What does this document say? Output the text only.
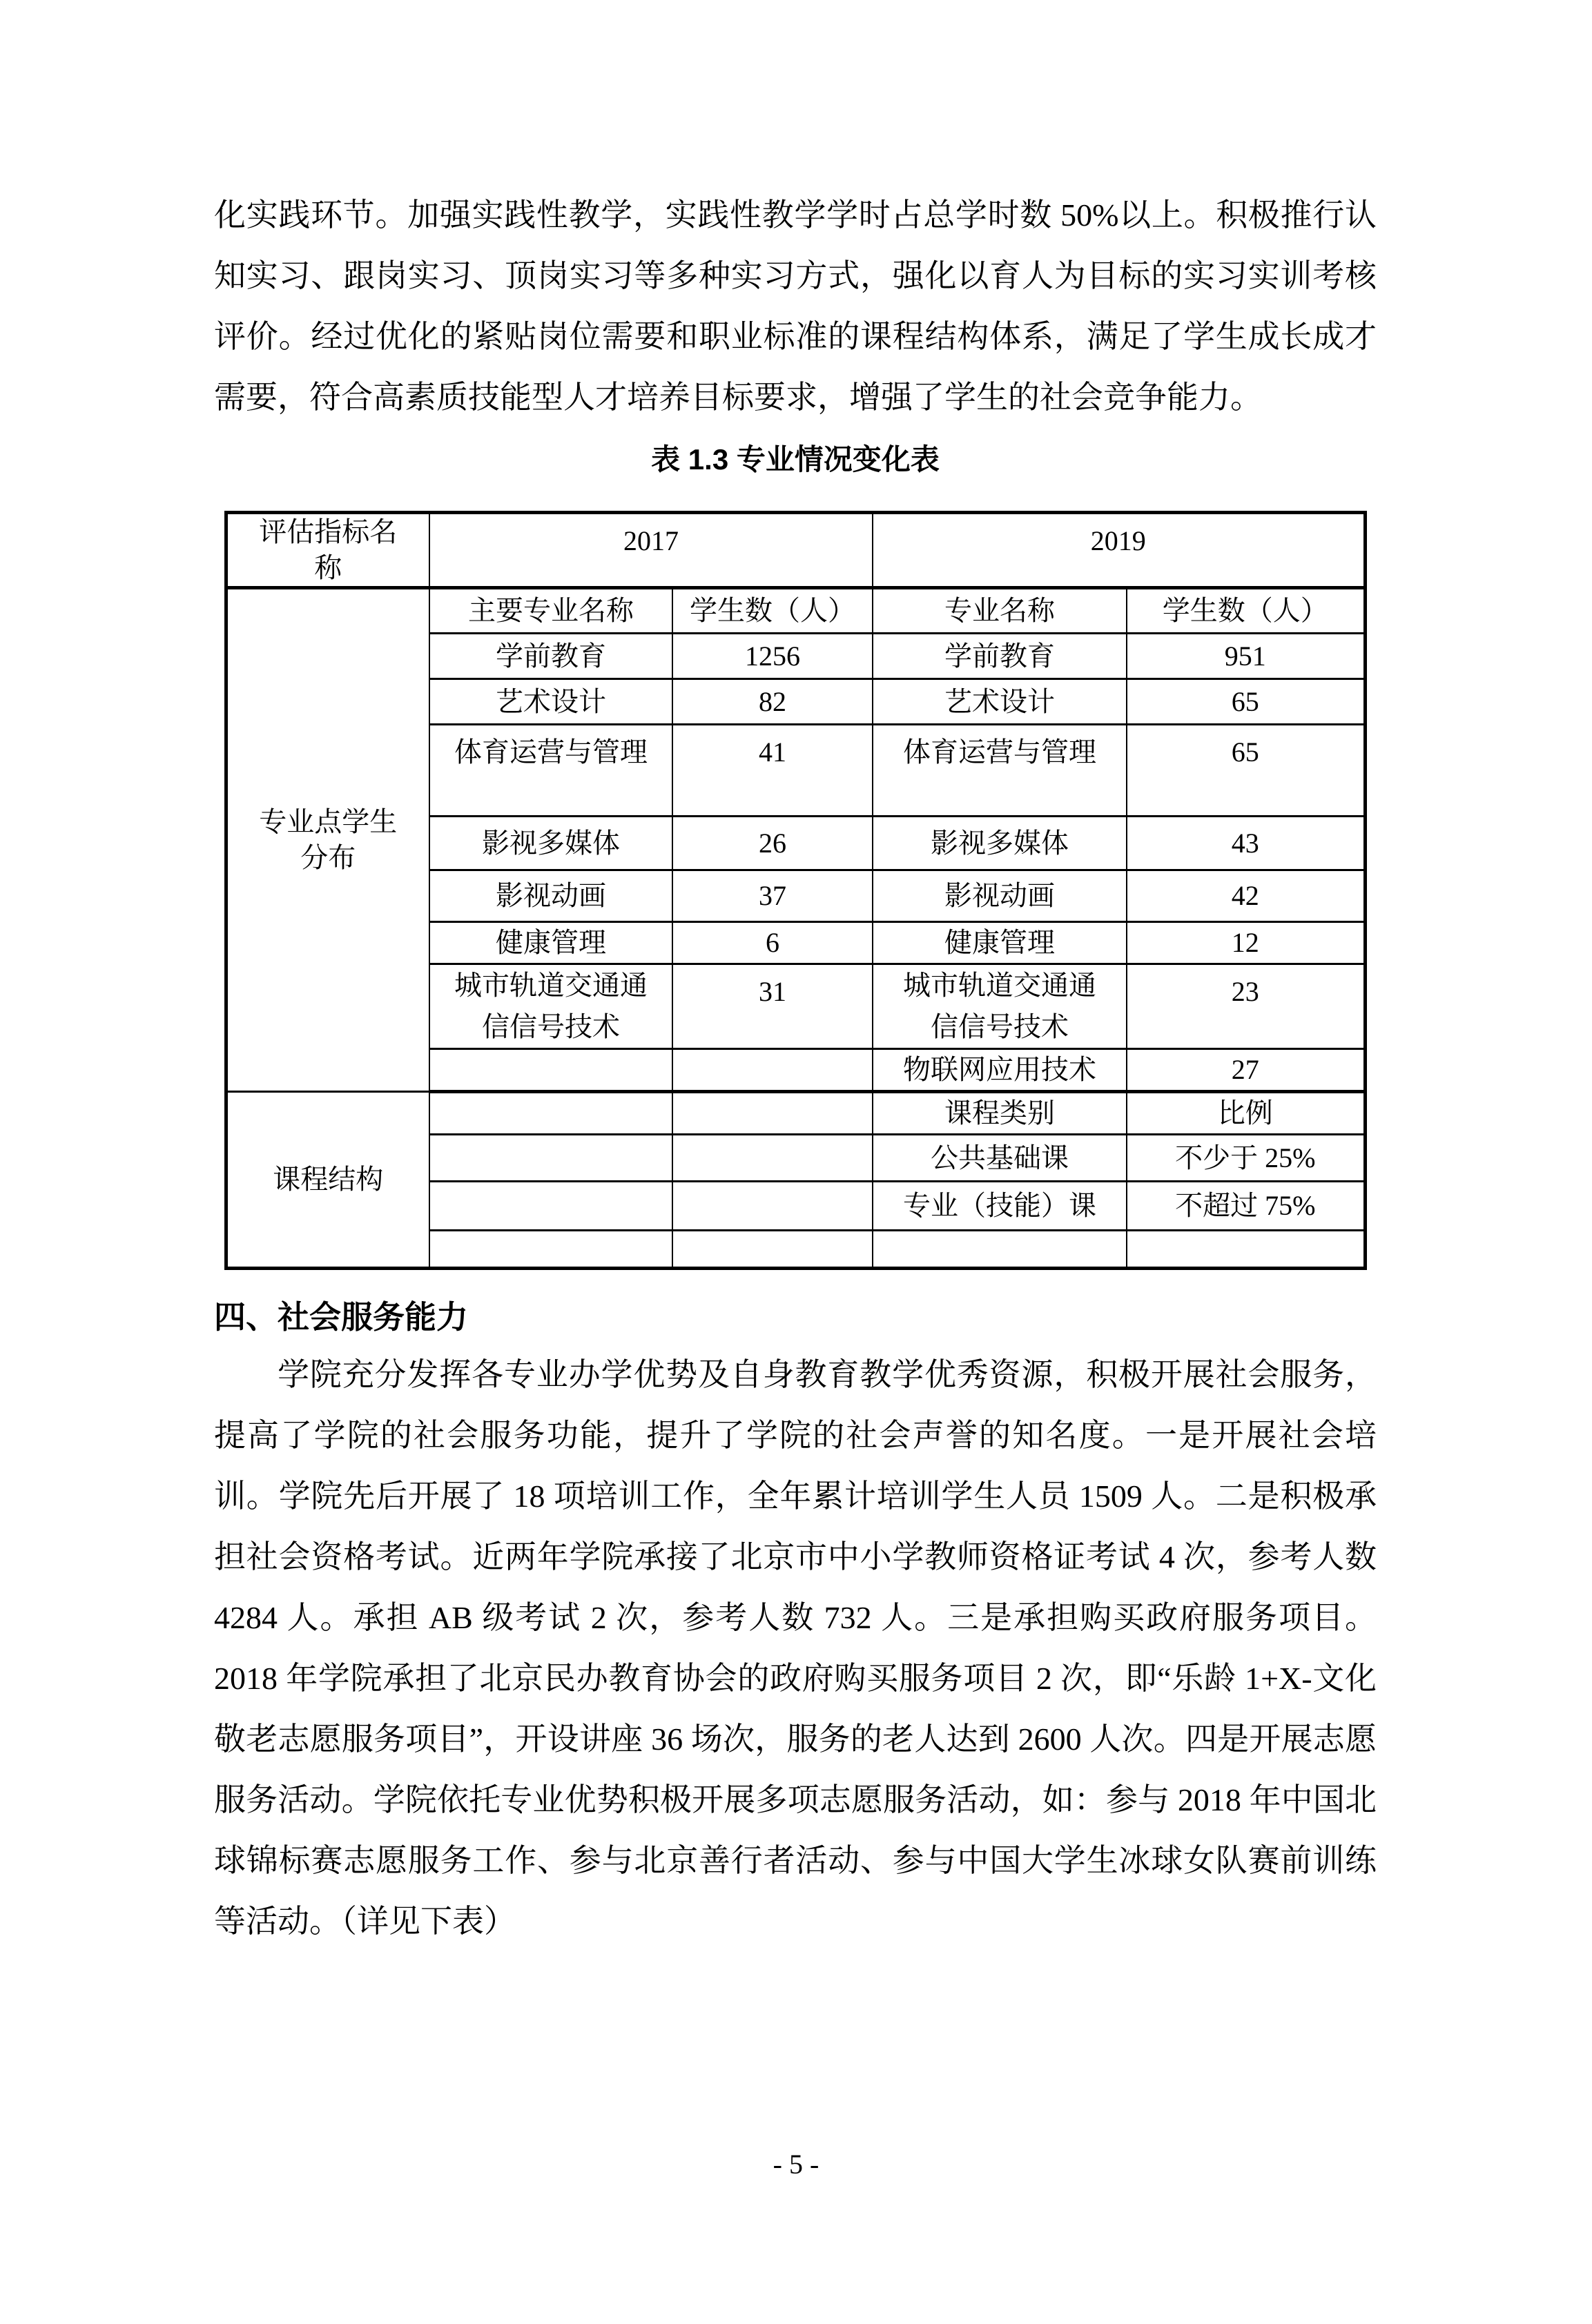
化实践环节。加强实践性教学，实践性教学学时占总学时数 50%以上。积极推行认知实习、跟岗实习、顶岗实习等多种实习方式，强化以育人为目标的实习实训考核评价。经过优化的紧贴岗位需要和职业标准的课程结构体系，满足了学生成长成才需要，符合高素质技能型人才培养目标要求，增强了学生的社会竞争能力。

表 1.3 专业情况变化表
评估指标名称	2017		2019	
专业点学生分布	主要专业名称	学生数（人）	专业名称	学生数（人）
	学前教育	1256	学前教育	951
	艺术设计	82	艺术设计	65
	体育运营与管理	41	体育运营与管理	65
	影视多媒体	26	影视多媒体	43
	影视动画	37	影视动画	42
	健康管理	6	健康管理	12
	城市轨道交通通信信号技术	31	城市轨道交通通信信号技术	23
			物联网应用技术	27
课程结构			课程类别	比例
			公共基础课	不少于 25%
			专业（技能）课	不超过 75%

四、社会服务能力

学院充分发挥各专业办学优势及自身教育教学优秀资源，积极开展社会服务，提高了学院的社会服务功能，提升了学院的社会声誉的知名度。一是开展社会培训。学院先后开展了 18 项培训工作，全年累计培训学生人员 1509 人。二是积极承担社会资格考试。近两年学院承接了北京市中小学教师资格证考试 4 次，参考人数 4284 人。承担 AB 级考试 2 次，参考人数 732 人。三是承担购买政府服务项目。2018 年学院承担了北京民办教育协会的政府购买服务项目 2 次，即“乐龄 1+X-文化敬老志愿服务项目”，开设讲座 36 场次，服务的老人达到 2600 人次。四是开展志愿服务活动。学院依托专业优势积极开展多项志愿服务活动，如：参与 2018 年中国北球锦标赛志愿服务工作、参与北京善行者活动、参与中国大学生冰球女队赛前训练等活动。（详见下表）

- 5 -
